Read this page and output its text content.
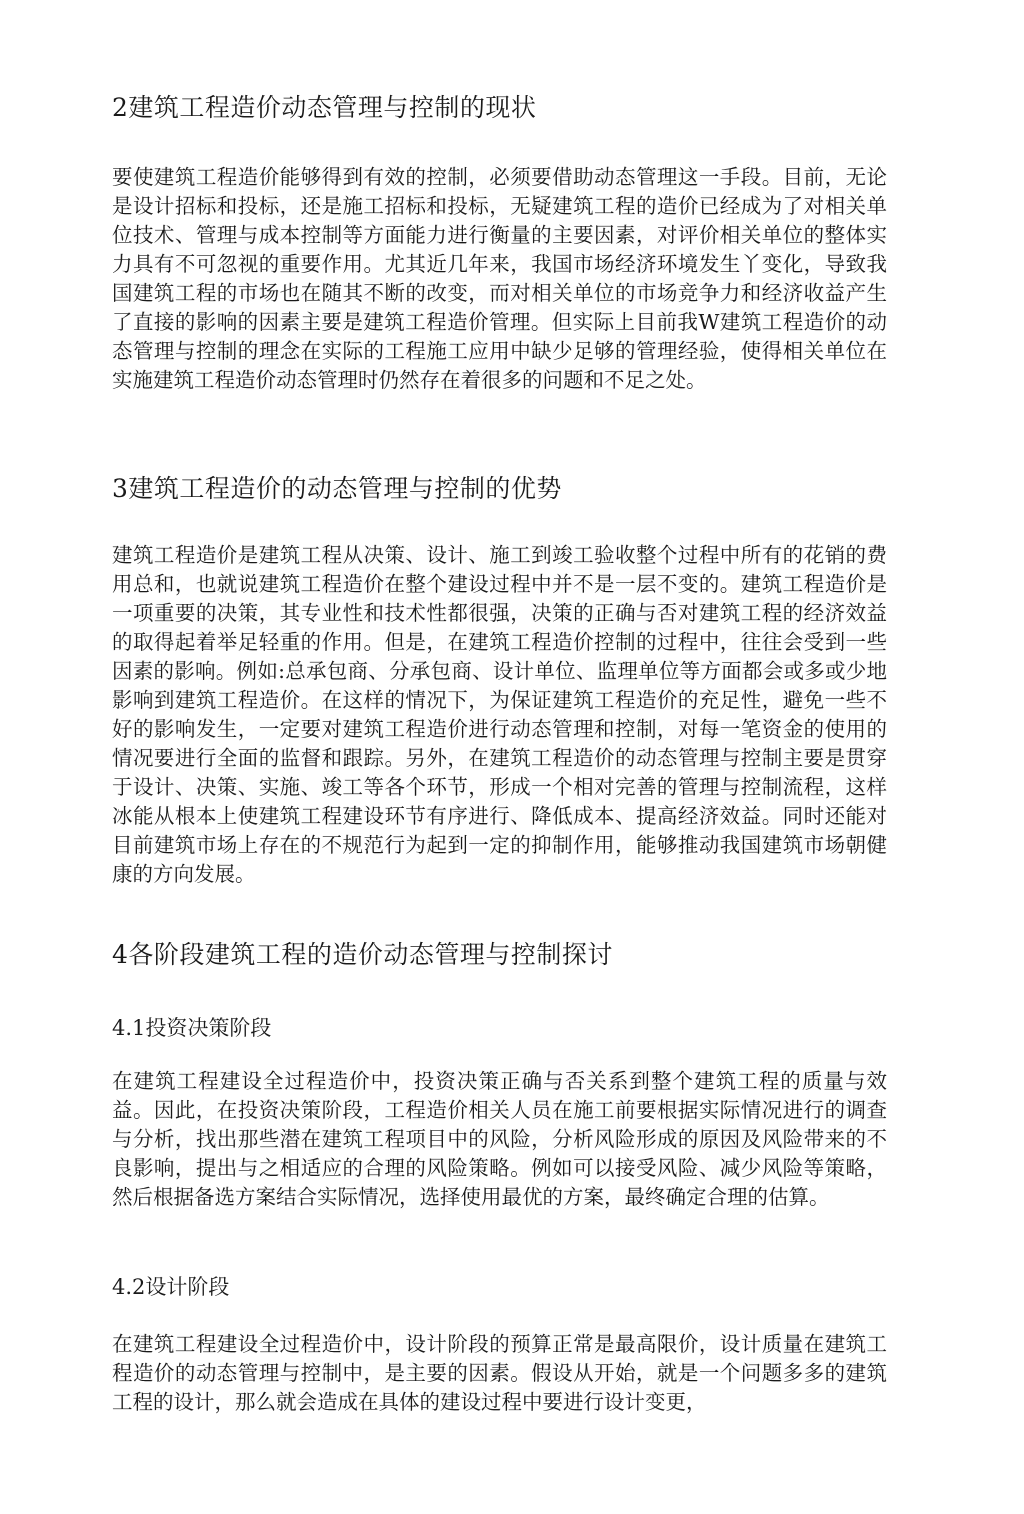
2建筑工程造价动态管理与控制的现状

要使建筑工程造价能够得到有效的控制，必须要借助动态管理这一手段。目前，无论是设计招标和投标，还是施工招标和投标，无疑建筑工程的造价已经成为了对相关单位技术、管理与成本控制等方面能力进行衡量的主要因素，对评价相关单位的整体实力具有不可忽视的重要作用。尤其近几年来，我国市场经济环境发生丫变化，导致我国建筑工程的市场也在随其不断的改变，而对相关单位的市场竞争力和经济收益产生了直接的影响的因素主要是建筑工程造价管理。但实际上目前我W建筑工程造价的动态管理与控制的理念在实际的工程施工应用中缺少足够的管理经验，使得相关单位在实施建筑工程造价动态管理时仍然存在着很多的问题和不足之处。

3建筑工程造价的动态管理与控制的优势

建筑工程造价是建筑工程从决策、设计、施工到竣工验收整个过程中所有的花销的费用总和，也就说建筑工程造价在整个建设过程中并不是一层不变的。建筑工程造价是一项重要的决策，其专业性和技术性都很强，决策的正确与否对建筑工程的经济效益的取得起着举足轻重的作用。但是，在建筑工程造价控制的过程中，往往会受到一些因素的影响。例如:总承包商、分承包商、设计单位、监理单位等方面都会或多或少地影响到建筑工程造价。在这样的情况下，为保证建筑工程造价的充足性，避免一些不好的影响发生，一定要对建筑工程造价进行动态管理和控制，对每一笔资金的使用的情况要进行全面的监督和跟踪。另外，在建筑工程造价的动态管理与控制主要是贯穿于设计、决策、实施、竣工等各个环节，形成一个相对完善的管理与控制流程，这样冰能从根本上使建筑工程建设环节有序进行、降低成本、提高经济效益。同时还能对目前建筑市场上存在的不规范行为起到一定的抑制作用，能够推动我国建筑市场朝健康的方向发展。

4各阶段建筑工程的造价动态管理与控制探讨
4.1投资决策阶段

在建筑工程建设全过程造价中，投资决策正确与否关系到整个建筑工程的质量与效益。因此，在投资决策阶段，工程造价相关人员在施工前要根据实际情况进行的调查与分析，找出那些潜在建筑工程项目中的风险，分析风险形成的原因及风险带来的不良影响，提出与之相适应的合理的风险策略。例如可以接受风险、减少风险等策略，然后根据备选方案结合实际情况，选择使用最优的方案，最终确定合理的估算。

4.2设计阶段

在建筑工程建设全过程造价中，设计阶段的预算正常是最高限价，设计质量在建筑工程造价的动态管理与控制中，是主要的因素。假设从开始，就是一个问题多多的建筑工程的设计，那么就会造成在具体的建设过程中要进行设计变更，
